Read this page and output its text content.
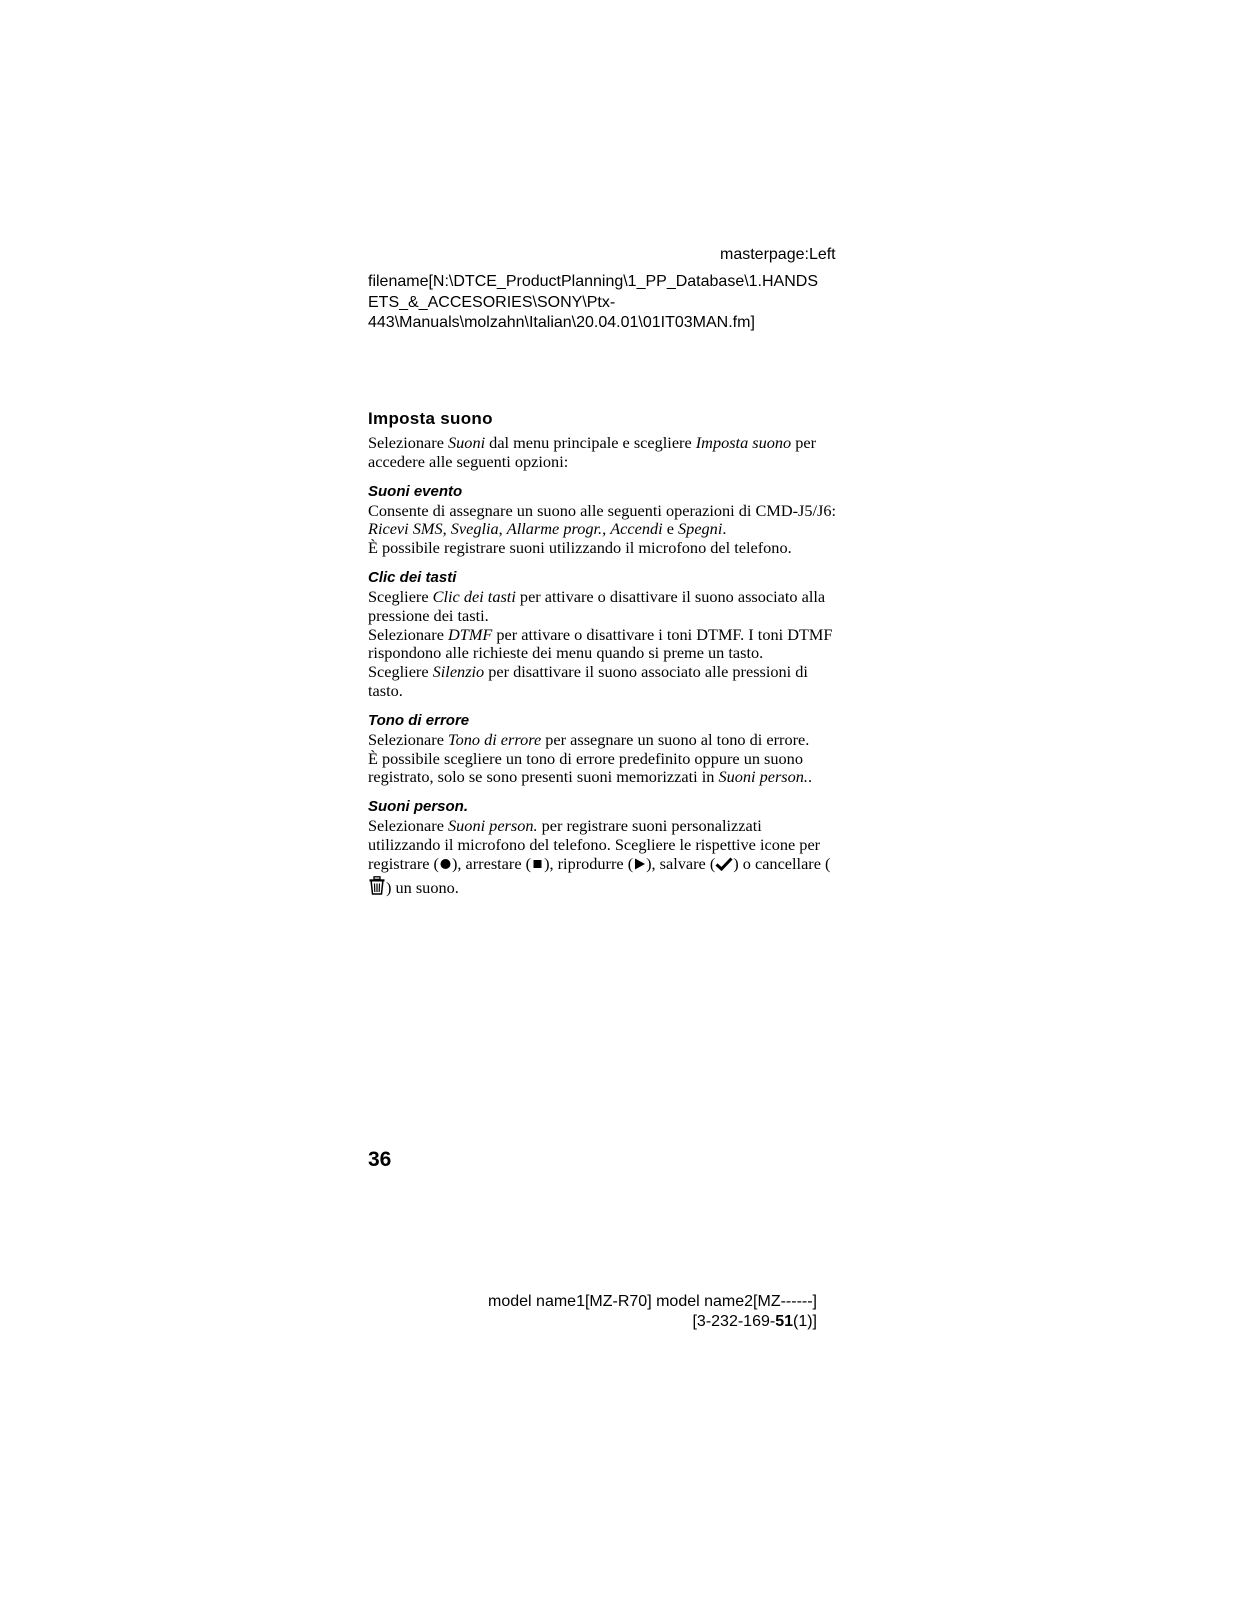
masterpage:Left
filename[N:\DTCE_ProductPlanning\1_PP_Database\1.HANDS
ETS_&_ACCESORIES\SONY\Ptx-
443\Manuals\molzahn\Italian\20.04.01\01IT03MAN.fm]
Imposta suono

Selezionare Suoni dal menu principale e scegliere Imposta suono per accedere alle seguenti opzioni:

Suoni evento

Consente di assegnare un suono alle seguenti operazioni di CMD-J5/J6: Ricevi SMS, Sveglia, Allarme progr., Accendi e Spegni.

È possibile registrare suoni utilizzando il microfono del telefono.

Clic dei tasti

Scegliere Clic dei tasti per attivare o disattivare il suono associato alla pressione dei tasti.

Selezionare DTMF per attivare o disattivare i toni DTMF. I toni DTMF rispondono alle richieste dei menu quando si preme un tasto.

Scegliere Silenzio per disattivare il suono associato alle pressioni di tasto.

Tono di errore

Selezionare Tono di errore per assegnare un suono al tono di errore.

È possibile scegliere un tono di errore predefinito oppure un suono registrato, solo se sono presenti suoni memorizzati in Suoni person..

Suoni person.

Selezionare Suoni person. per registrare suoni personalizzati utilizzando il microfono del telefono. Scegliere le rispettive icone per registrare ( ), arrestare ( ), riprodurre ( ), salvare ( ) o cancellare () un suono.

36
model name1[MZ-R70] model name2[MZ------]
[3-232-169-51(1)]
